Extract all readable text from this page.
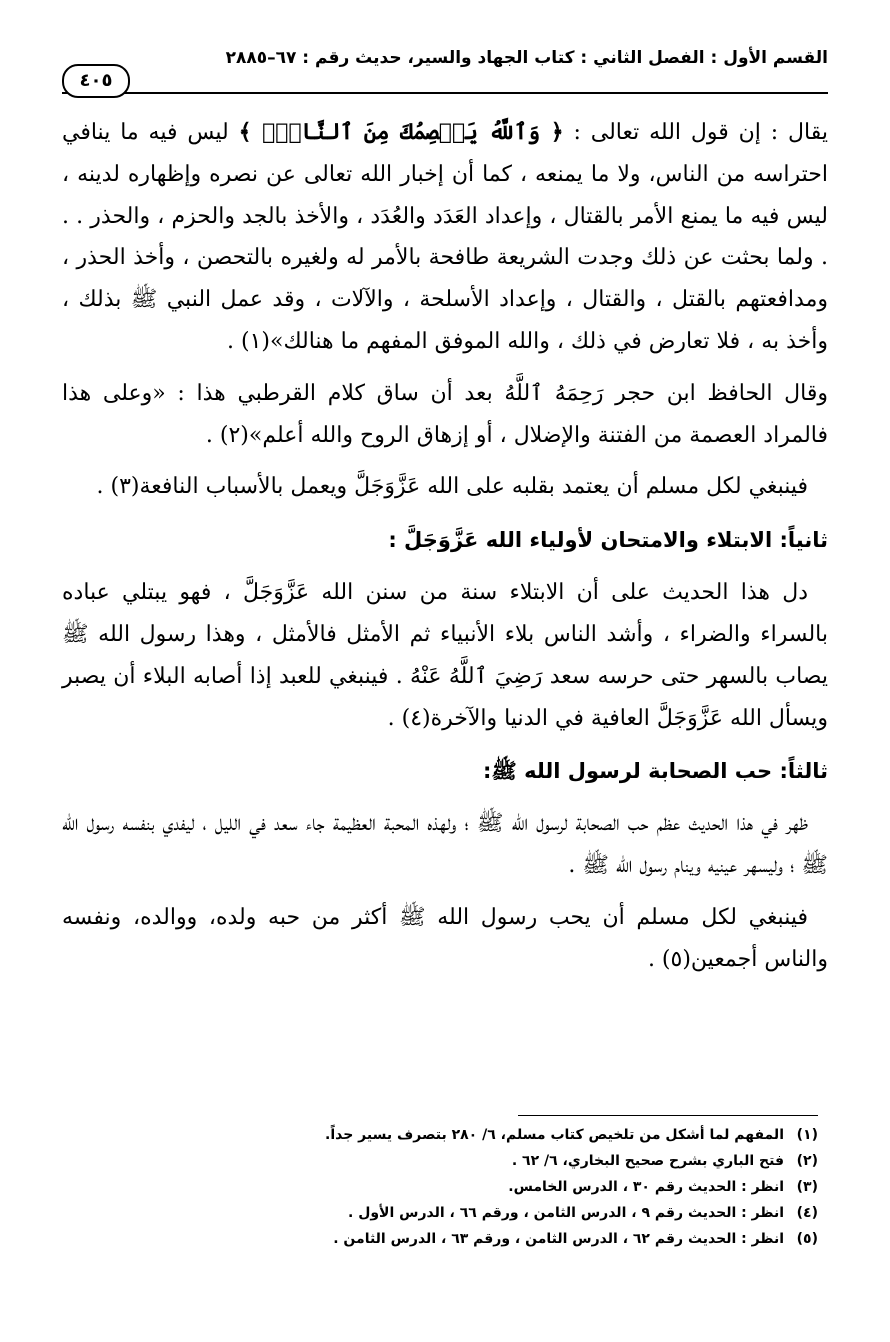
القسم الأول : الفصل الثاني : كتاب الجهاد والسير، حديث رقم : ٦٧–٢٨٨٥
٤٠٥

يقال : إن قول الله تعالى : ﴿ وَٱللَّهُ يَعۡصِمُكَ مِنَ ٱلنَّاسِۗ ﴾ ليس فيه ما ينافي احتراسه من الناس، ولا ما يمنعه ، كما أن إخبار الله تعالى عن نصره وإظهاره لدينه ، ليس فيه ما يمنع الأمر بالقتال ، وإعداد العَدَد والعُدَد ، والأخذ بالجد والحزم ، والحذر . . . ولما بحثت عن ذلك وجدت الشريعة طافحة بالأمر له ولغيره بالتحصن ، وأخذ الحذر ، ومدافعتهم بالقتل ، والقتال ، وإعداد الأسلحة ، والآلات ، وقد عمل النبي ﷺ بذلك ، وأخذ به ، فلا تعارض في ذلك ، والله الموفق المفهم ما هنالك»(١) .

وقال الحافظ ابن حجر رَحِمَهُ ٱللَّهُ بعد أن ساق كلام القرطبي هذا : «وعلى هذا فالمراد العصمة من الفتنة والإضلال ، أو إزهاق الروح والله أعلم»(٢) .

فينبغي لكل مسلم أن يعتمد بقلبه على الله عَزَّوَجَلَّ ويعمل بالأسباب النافعة(٣) .

ثانياً: الابتلاء والامتحان لأولياء الله عَزَّوَجَلَّ :

دل هذا الحديث على أن الابتلاء سنة من سنن الله عَزَّوَجَلَّ ، فهو يبتلي عباده بالسراء والضراء ، وأشد الناس بلاء الأنبياء ثم الأمثل فالأمثل ، وهذا رسول الله ﷺ يصاب بالسهر حتى حرسه سعد رَضِيَ ٱللَّهُ عَنْهُ . فينبغي للعبد إذا أصابه البلاء أن يصبر ويسأل الله عَزَّوَجَلَّ العافية في الدنيا والآخرة(٤) .

ثالثاً: حب الصحابة لرسول الله ﷺ:

ظهر في هذا الحديث عظم حب الصحابة لرسول الله ﷺ ؛ ولهذه المحبة العظيمة جاء سعد في الليل ، ليفدي بنفسه رسول الله ﷺ ؛ وليسهر عينيه وينام رسول الله ﷺ .

فينبغي لكل مسلم أن يحب رسول الله ﷺ أكثر من حبه ولده، ووالده، ونفسه والناس أجمعين(٥) .

(١)المفهم لما أشكل من تلخيص كتاب مسلم، ٦/ ٢٨٠ بتصرف يسير جداً.
(٢)فتح الباري بشرح صحيح البخاري، ٦/ ٦٢ .
(٣)انظر : الحديث رقم ٣٠ ، الدرس الخامس.
(٤)انظر : الحديث رقم ٩ ، الدرس الثامن ، ورقم ٦٦ ، الدرس الأول .
(٥)انظر : الحديث رقم ٦٢ ، الدرس الثامن ، ورقم ٦٣ ، الدرس الثامن .
